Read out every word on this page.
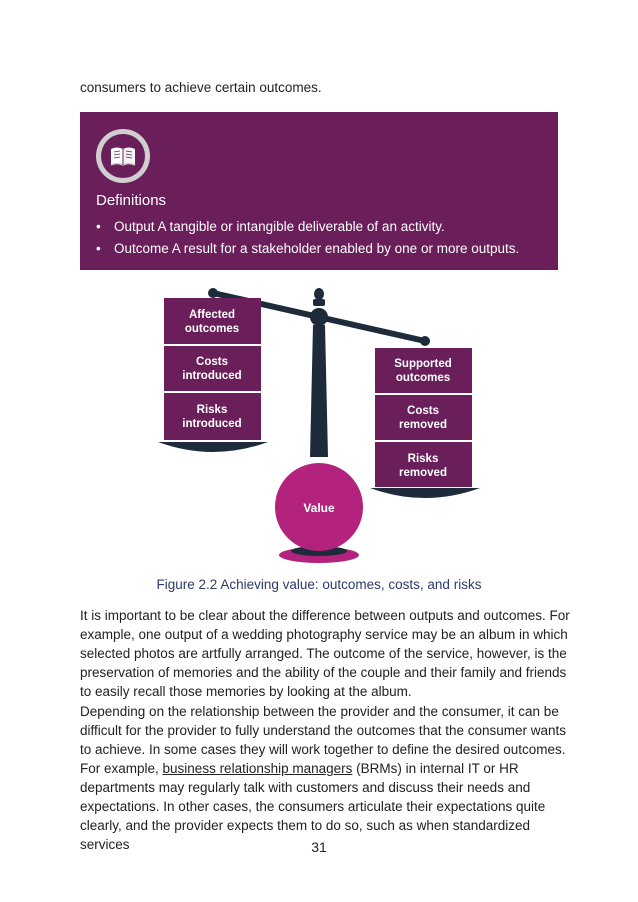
consumers to achieve certain outcomes.

Definitions

• Output A tangible or intangible deliverable of an activity.
• Outcome A result for a stakeholder enabled by one or more outputs.
Value
Affected
outcomes
Costs
introduced
Risks
introduced
Supported
outcomes
Costs
removed
Risks
removed

Figure 2.2 Achieving value: outcomes, costs, and risks

It is important to be clear about the difference between outputs and outcomes. For example, one output of a wedding photography service may be an album in which selected photos are artfully arranged. The outcome of the service, however, is the preservation of memories and the ability of the couple and their family and friends to easily recall those memories by looking at the album.

Depending on the relationship between the provider and the consumer, it can be difficult for the provider to fully understand the outcomes that the consumer wants to achieve. In some cases they will work together to define the desired outcomes. For example, business relationship managers (BRMs) in internal IT or HR departments may regularly talk with customers and discuss their needs and expectations. In other cases, the consumers articulate their expectations quite clearly, and the provider expects them to do so, such as when standardized services	31
